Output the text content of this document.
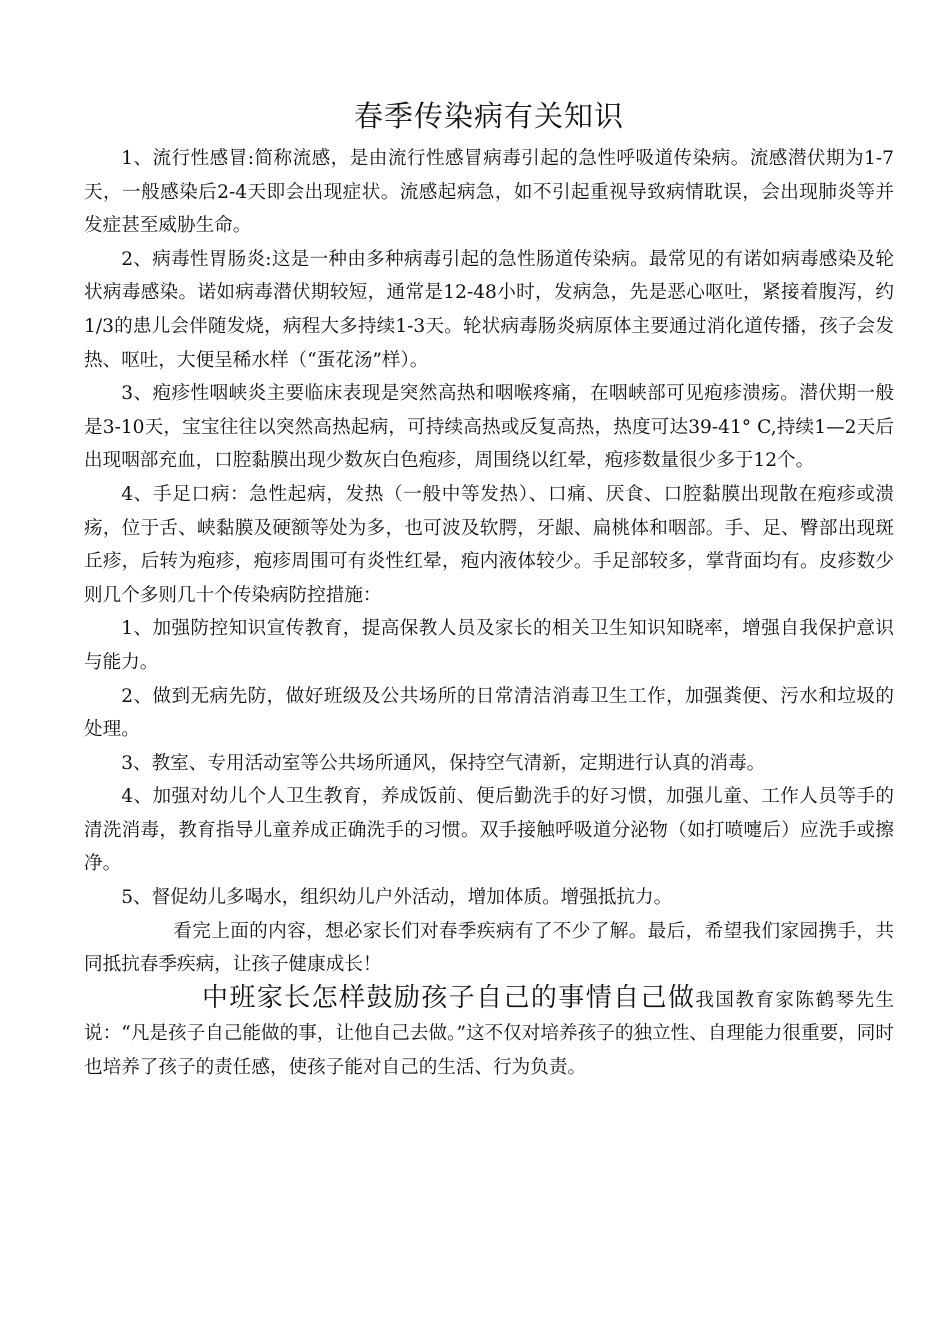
春季传染病有关知识

1、流行性感冒:简称流感，是由流行性感冒病毒引起的急性呼吸道传染病。流感潜伏期为1-7天，一般感染后2-4天即会出现症状。流感起病急，如不引起重视导致病情耽误，会出现肺炎等并发症甚至威胁生命。

2、病毒性胃肠炎:这是一种由多种病毒引起的急性肠道传染病。最常见的有诺如病毒感染及轮状病毒感染。诺如病毒潜伏期较短，通常是12-48小时，发病急，先是恶心呕吐，紧接着腹泻，约1/3的患儿会伴随发烧，病程大多持续1-3天。轮状病毒肠炎病原体主要通过消化道传播，孩子会发热、呕吐，大便呈稀水样（“蛋花汤”样）。

3、疱疹性咽峡炎主要临床表现是突然高热和咽喉疼痛，在咽峡部可见疱疹溃疡。潜伏期一般是3-10天，宝宝往往以突然高热起病，可持续高热或反复高热，热度可达39-41° C,持续1—2天后出现咽部充血，口腔黏膜出现少数灰白色疱疹，周围绕以红晕，疱疹数量很少多于12个。

4、手足口病：急性起病，发热（一般中等发热）、口痛、厌食、口腔黏膜出现散在疱疹或溃疡，位于舌、峡黏膜及硬额等处为多，也可波及软腭，牙龈、扁桃体和咽部。手、足、臀部出现斑丘疹，后转为疱疹，疱疹周围可有炎性红晕，疱内液体较少。手足部较多，掌背面均有。皮疹数少则几个多则几十个传染病防控措施：

1、加强防控知识宣传教育，提高保教人员及家长的相关卫生知识知晓率，增强自我保护意识与能力。

2、做到无病先防，做好班级及公共场所的日常清洁消毒卫生工作，加强粪便、污水和垃圾的处理。

3、教室、专用活动室等公共场所通风，保持空气清新，定期进行认真的消毒。

4、加强对幼儿个人卫生教育，养成饭前、便后勤洗手的好习惯，加强儿童、工作人员等手的清洗消毒，教育指导儿童养成正确洗手的习惯。双手接触呼吸道分泌物（如打喷嚏后）应洗手或擦净。

5、督促幼儿多喝水，组织幼儿户外活动，增加体质。增强抵抗力。

看完上面的内容，想必家长们对春季疾病有了不少了解。最后，希望我们家园携手，共同抵抗春季疾病，让孩子健康成长！

中班家长怎样鼓励孩子自己的事情自己做我国教育家陈鹤琴先生说：“凡是孩子自己能做的事，让他自己去做。”这不仅对培养孩子的独立性、自理能力很重要，同时也培养了孩子的责任感，使孩子能对自己的生活、行为负责。
